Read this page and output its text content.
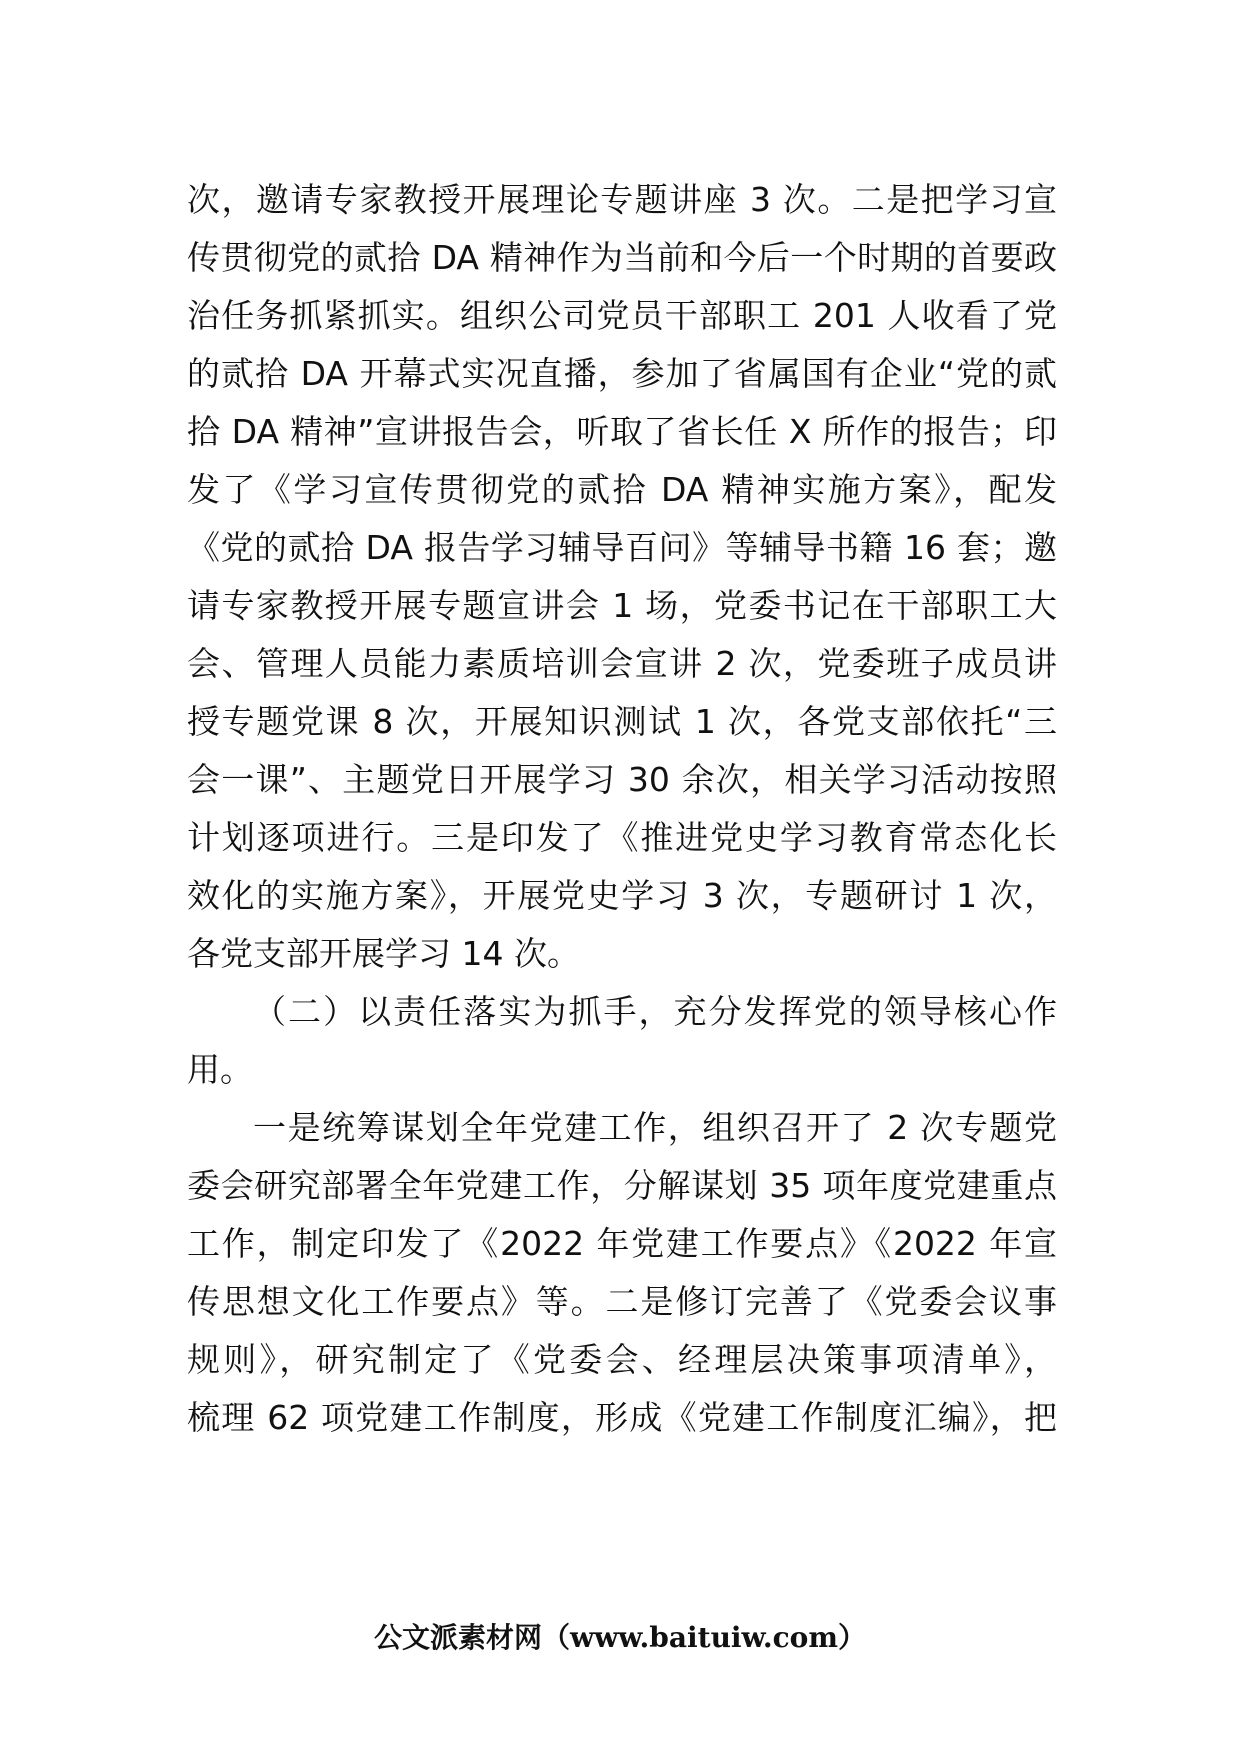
次，邀请专家教授开展理论专题讲座 3 次。二是把学习宣
传贯彻党的贰拾 DA 精神作为当前和今后一个时期的首要政
治任务抓紧抓实。组织公司党员干部职工 201 人收看了党
的贰拾 DA 开幕式实况直播，参加了省属国有企业“党的贰
拾 DA 精神”宣讲报告会，听取了省长任 X 所作的报告；印
发了《学习宣传贯彻党的贰拾 DA 精神实施方案》，配发
《党的贰拾 DA 报告学习辅导百问》等辅导书籍 16 套；邀
请专家教授开展专题宣讲会 1 场，党委书记在干部职工大
会、管理人员能力素质培训会宣讲 2 次，党委班子成员讲
授专题党课 8 次，开展知识测试 1 次，各党支部依托“三
会一课”、主题党日开展学习 30 余次，相关学习活动按照
计划逐项进行。三是印发了《推进党史学习教育常态化长
效化的实施方案》，开展党史学习 3 次，专题研讨 1 次，
各党支部开展学习 14 次。
（二）以责任落实为抓手，充分发挥党的领导核心作
用。
一是统筹谋划全年党建工作，组织召开了 2 次专题党
委会研究部署全年党建工作，分解谋划 35 项年度党建重点
工作，制定印发了《2022 年党建工作要点》《2022 年宣
传思想文化工作要点》等。二是修订完善了《党委会议事
规则》，研究制定了《党委会、经理层决策事项清单》，
梳理 62 项党建工作制度，形成《党建工作制度汇编》，把
公文派素材网（www.baituiw.com）
